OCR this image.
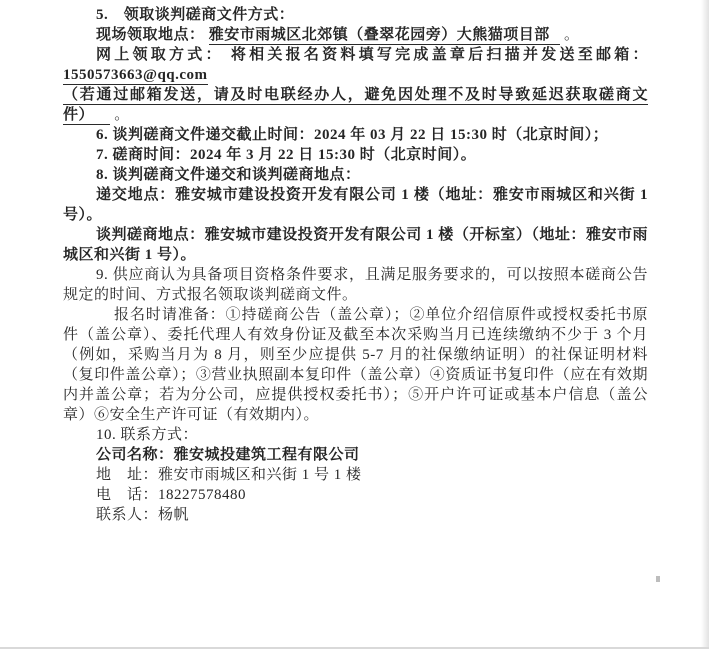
5.　领取谈判磋商文件方式：

现场领取地点： 雅安市雨城区北郊镇（叠翠花园旁）大熊猫项目部 。

网上领取方式： 将相关报名资料填写完成盖章后扫描并发送至邮箱： 1550573663@qq.com

（若通过邮箱发送，请及时电联经办人，避免因处理不及时导致延迟获取磋商文件） 。

6. 谈判磋商文件递交截止时间：2024 年 03 月 22 日 15:30 时（北京时间）；

7. 磋商时间：2024 年 3 月 22 日 15:30 时（北京时间）。

8. 谈判磋商文件递交和谈判磋商地点：

递交地点：雅安城市建设投资开发有限公司 1 楼（地址：雅安市雨城区和兴街 1 号）。

谈判磋商地点：雅安城市建设投资开发有限公司 1 楼（开标室）（地址：雅安市雨城区和兴街 1 号）。

9. 供应商认为具备项目资格条件要求，且满足服务要求的，可以按照本磋商公告规定的时间、方式报名领取谈判磋商文件。

报名时请准备：①持磋商公告（盖公章）；②单位介绍信原件或授权委托书原件（盖公章）、委托代理人有效身份证及截至本次采购当月已连续缴纳不少于 3 个月（例如，采购当月为 8 月，则至少应提供 5-7 月的社保缴纳证明）的社保证明材料（复印件盖公章）；③营业执照副本复印件（盖公章）④资质证书复印件（应在有效期内并盖公章；若为分公司，应提供授权委托书）；⑤开户许可证或基本户信息（盖公章）⑥安全生产许可证（有效期内）。

10. 联系方式：

公司名称：雅安城投建筑工程有限公司

地　址：雅安市雨城区和兴街 1 号 1 楼

电　话：18227578480

联系人：杨帆
